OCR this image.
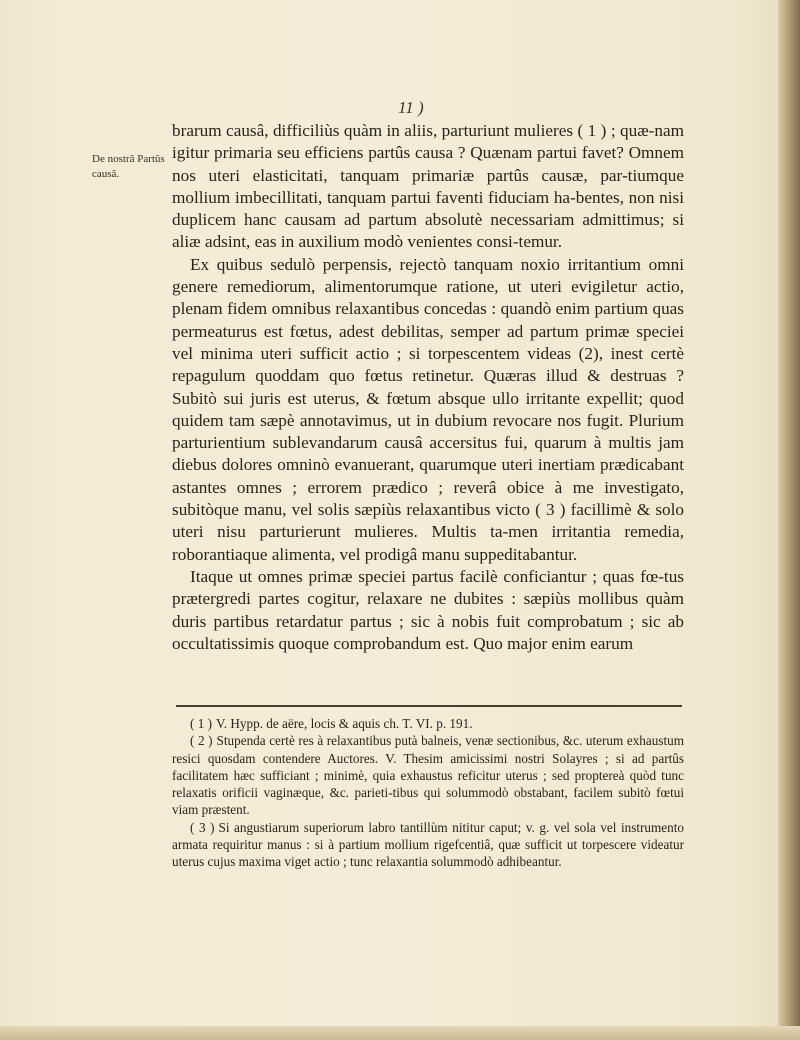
11 )
De nostrâ Partûs causâ.

brarum causâ, difficiliùs quàm in aliis, parturiunt mulieres ( 1 ) ; quæ-nam igitur primaria seu efficiens partûs causa ? Quænam partui favet? Omnem nos uteri elasticitati, tanquam primariæ partûs causæ, par-tiumque mollium imbecillitati, tanquam partui faventi fiduciam ha-bentes, non nisi duplicem hanc causam ad partum absolutè necessariam admittimus; si aliæ adsint, eas in auxilium modò venientes consi-temur.

Ex quibus sedulò perpensis, rejectò tanquam noxio irritantium omni genere remediorum, alimentorumque ratione, ut uteri evigiletur actio, plenam fidem omnibus relaxantibus concedas : quandò enim partium quas permeaturus est fœtus, adest debilitas, semper ad partum primæ speciei vel minima uteri sufficit actio ; si torpescentem videas (2), inest certè repagulum quoddam quo fœtus retinetur. Quæras illud & destruas ? Subitò sui juris est uterus, & fœtum absque ullo irritante expellit; quod quidem tam sæpè annotavimus, ut in dubium revocare nos fugit. Plurium parturientium sublevandarum causâ accersitus fui, quarum à multis jam diebus dolores omninò evanuerant, quarumque uteri inertiam prædicabant astantes omnes ; errorem prædico ; reverâ obice à me investigato, subitòque manu, vel solis sæpiùs relaxantibus victo ( 3 ) facillimè & solo uteri nisu parturierunt mulieres. Multis ta-men irritantia remedia, roborantiaque alimenta, vel prodigâ manu suppeditabantur.

Itaque ut omnes primæ speciei partus facilè conficiantur ; quas fœ-tus prætergredi partes cogitur, relaxare ne dubites : sæpiùs mollibus quàm duris partibus retardatur partus ; sic à nobis fuit comprobatum ; sic ab occultatissimis quoque comprobandum est. Quo major enim earum

( 1 ) V. Hypp. de aëre, locis & aquis ch. T. VI. p. 191.

( 2 ) Stupenda certè res à relaxantibus putà balneis, venæ sectionibus, &c. uterum exhaustum resici quosdam contendere Auctores. V. Thesim amicissimi nostri Solayres ; si ad partûs facilitatem hæc sufficiant ; minimè, quia exhaustus reficitur uterus ; sed proptereà quòd tunc relaxatis orificii vaginæque, &c. parieti-tibus qui solummodò obstabant, facilem subitò fœtui viam præstent.

( 3 ) Si angustiarum superiorum labro tantillùm nititur caput; v. g. vel sola vel instrumento armata requiritur manus : si à partium mollium rigefcentiâ, quæ sufficit ut torpescere videatur uterus cujus maxima viget actio ; tunc relaxantia solummodò adhibeantur.
